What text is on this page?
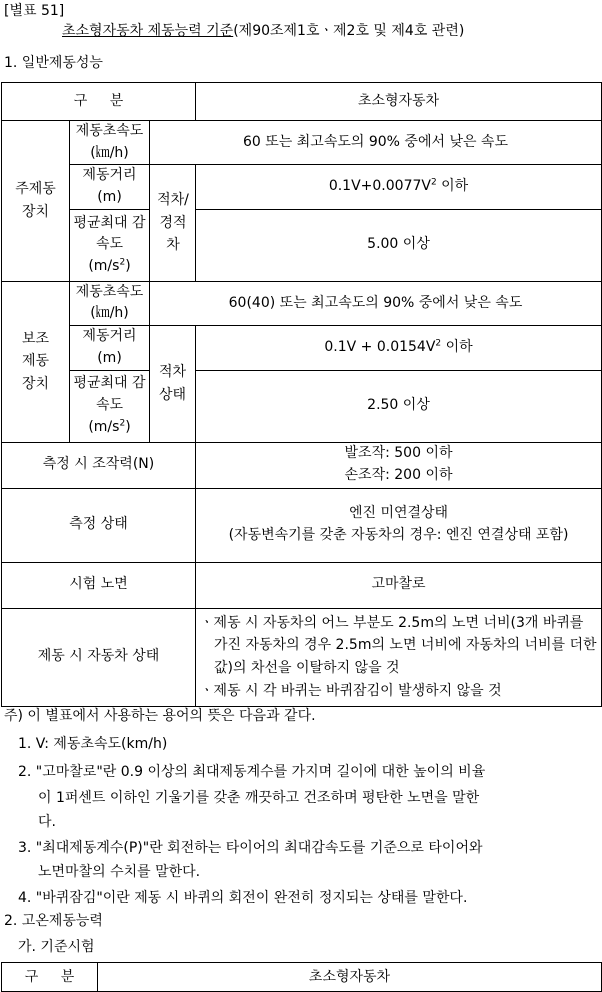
[별표 51]
초소형자동차 제동능력 기준(제90조제1호ㆍ제2호 및 제4호 관련)
1. 일반제동성능
구 분			초소형자동차

주제동 장치	제동초속도(㎞/h)	60 또는 최고속도의 90% 중에서 낮은 속도	

	제동거리 (m)	적차/ 경적 차	$0.1V+0.0077V^2$ 이하

	평균최대 감속도
$(m/s^2)$		5.00 이상

보조 제동 장치	제동초속도(㎞/h)	60(40) 또는 최고속도의 90% 중에서 낮은 속도	

	제동거리 (m)	적차 상태	$0.1V + 0.0154V^2$ 이하

	평균최대 감속도
$(m/s^2)$		2.50 이상
측정 시 조작력(N)			발조작: 500 이하
손조작: 200 이하

측정 상태			엔진 미연결상태
(자동변속기를 갖춘 자동차의 경우: 엔진 연결상태 포함)

시험 노면			고마찰로
제동 시 자동차 상태			ㆍ제동 시 자동차의 어느 부분도 2.5m의 노면 너비(3개 바퀴를 가진 자동차의 경우 2.5m의 노면 너비에 자동차의 너비를 더한 값)의 차선을 이탈하지 않을 것
ㆍ제동 시 각 바퀴는 바퀴잠김이 발생하지 않을 것
주) 이 별표에서 사용하는 용어의 뜻은 다음과 같다.
1. V: 제동초속도(km/h)
2. "고마찰로"란 0.9 이상의 최대제동계수를 가지며 길이에 대한 높이의 비율
이 1퍼센트 이하인 기울기를 갖춘 깨끗하고 건조하며 평탄한 노면을 말한
다.
3. "최대제동계수(P)"란 회전하는 타이어의 최대감속도를 기준으로 타이어와
노면마찰의 수치를 말한다.
4. "바퀴잠김"이란 제동 시 바퀴의 회전이 완전히 정지되는 상태를 말한다.
2. 고온제동능력
가. 기준시험
구 분	초소형자동차
